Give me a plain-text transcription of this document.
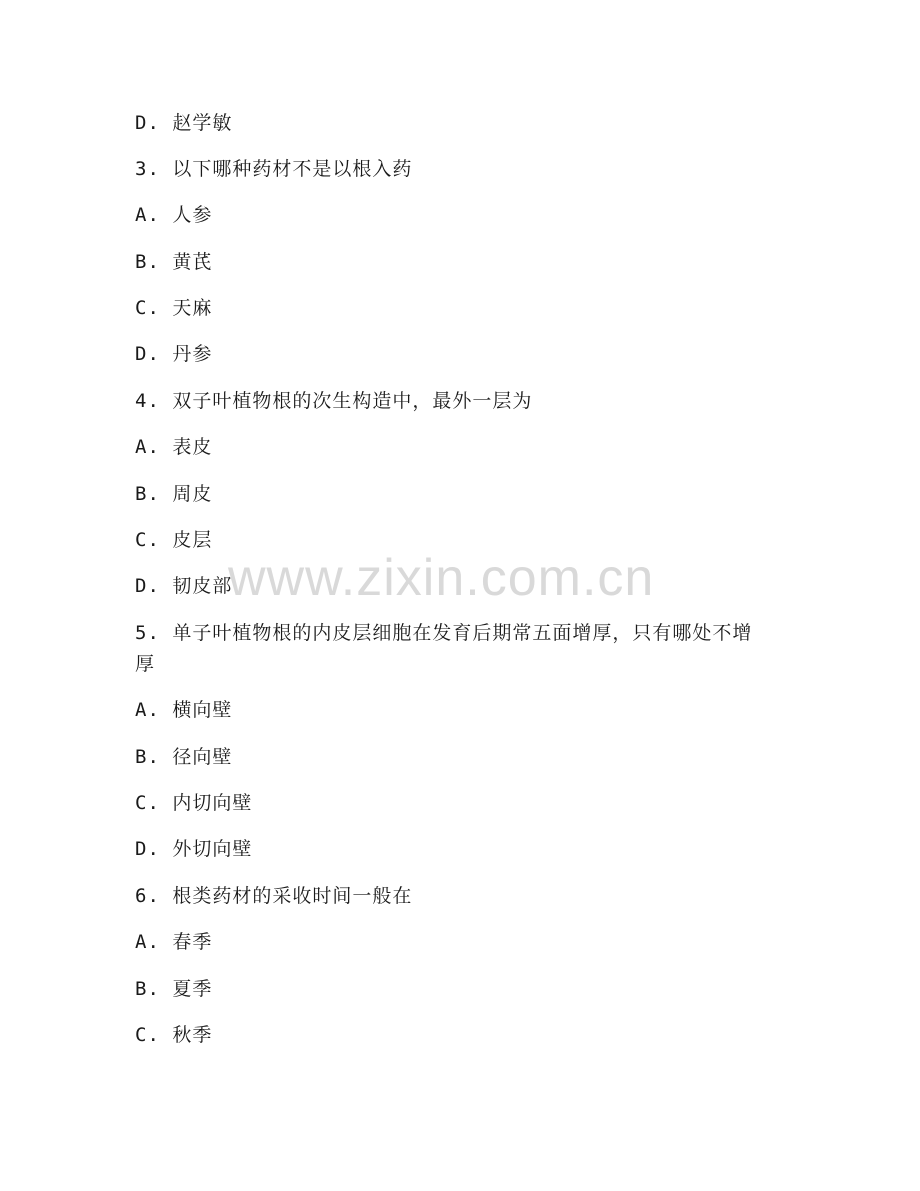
D. 赵学敏
3. 以下哪种药材不是以根入药
A. 人参
B. 黄芪
C. 天麻
D. 丹参
4. 双子叶植物根的次生构造中，最外一层为
A. 表皮
B. 周皮
C. 皮层
D. 韧皮部
5. 单子叶植物根的内皮层细胞在发育后期常五面增厚，只有哪处不增
厚
A. 横向壁
B. 径向壁
C. 内切向壁
D. 外切向壁
6. 根类药材的采收时间一般在
A. 春季
B. 夏季
C. 秋季
www.zixin.com.cn
